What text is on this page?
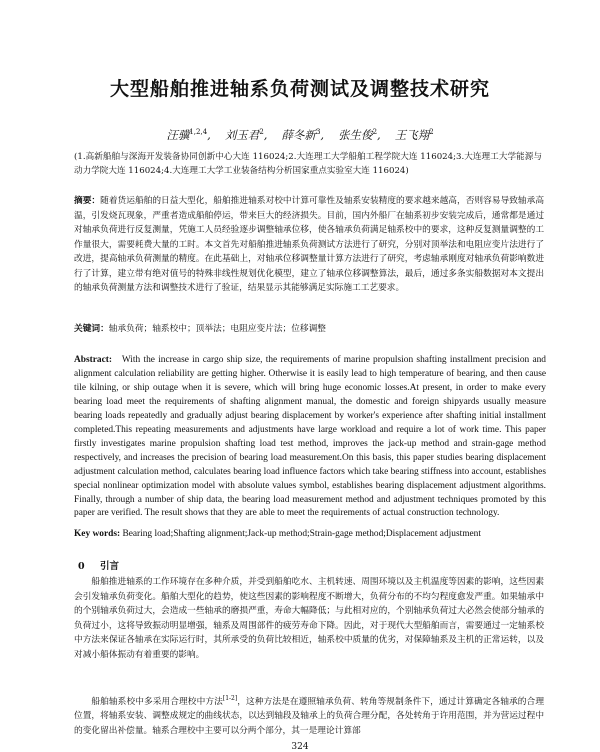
大型船舶推进轴系负荷测试及调整技术研究
汪骥$^{1,2,4}$, 刘玉君$^2$, 薛冬新$^3$, 张生俊$^2$, 王飞翔$^2$
(1.高新船舶与深海开发装备协同创新中心大连 116024;2.大连理工大学船舶工程学院大连 116024;3.大连理工大学能源与动力学院大连 116024;4.大连理工大学工业装备结构分析国家重点实验室大连 116024)
摘要：随着货运船舶的日益大型化，船舶推进轴系对校中计算可靠性及轴系安装精度的要求越来越高，否则容易导致轴承高温，引发烧瓦现象，严重者造成船舶停运，带来巨大的经济损失。目前，国内外船厂在轴系初步安装完成后，通常都是通过对轴承负荷进行反复测量，凭施工人员经验逐步调整轴承位移，使各轴承负荷满足轴系校中的要求，这种反复测量调整的工作量很大，需要耗费大量的工时。本文首先对船舶推进轴系负荷测试方法进行了研究，分别对顶举法和电阻应变片法进行了改进，提高轴承负荷测量的精度。在此基础上，对轴承位移调整量计算方法进行了研究，考虑轴承刚度对轴承负荷影响数进行了计算，建立带有绝对值号的特殊非线性规划优化模型，建立了轴承位移调整算法，最后，通过多条实船数据对本文提出的轴承负荷测量方法和调整技术进行了验证，结果显示其能够满足实际施工工艺要求。
关键词：轴承负荷；轴系校中；顶举法；电阻应变片法；位移调整
Abstract: With the increase in cargo ship size, the requirements of marine propulsion shafting installment precision and alignment calculation reliability are getting higher. Otherwise it is easily lead to high temperature of bearing, and then cause tile kilning, or ship outage when it is severe, which will bring huge economic losses.At present, in order to make every bearing load meet the requirements of shafting alignment manual, the domestic and foreign shipyards usually measure bearing loads repeatedly and gradually adjust bearing displacement by worker's experience after shafting initial installment completed.This repeating measurements and adjustments have large workload and require a lot of work time. This paper firstly investigates marine propulsion shafting load test method, improves the jack-up method and strain-gage method respectively, and increases the precision of bearing load measurement.On this basis, this paper studies bearing displacement adjustment calculation method, calculates bearing load influence factors which take bearing stiffness into account, establishes special nonlinear optimization model with absolute values symbol, establishes bearing displacement adjustment algorithms. Finally, through a number of ship data, the bearing load measurement method and adjustment techniques promoted by this paper are verified. The result shows that they are able to meet the requirements of actual construction technology.
Key words: Bearing load;Shafting alignment;Jack-up method;Strain-gage method;Displacement adjustment
0 引言
船舶推进轴系的工作环境存在多种介质，并受到船舶吃水、主机转速、周围环境以及主机温度等因素的影响，这些因素会引发轴承负荷变化。船舶大型化的趋势，使这些因素的影响程度不断增大，负荷分布的不均匀程度愈发严重。如果轴承中的个别轴承负荷过大，会造成一些轴承的磨损严重，寿命大幅降低；与此相对应的，个别轴承负荷过大必然会使部分轴承的负荷过小，这将导致振动明显增强，轴系及周围部件的疲劳寿命下降。因此，对于现代大型船舶而言，需要通过一定轴系校中方法来保证各轴承在实际运行时，其所承受的负荷比较相近，轴系校中质量的优劣，对保障轴系及主机的正常运转，以及对减小船体振动有着重要的影响。
船舶轴系校中多采用合理校中方法[1-2]，这种方法是在遵照轴承负荷、转角等规制条件下，通过计算确定各轴承的合理位置，将轴系安装、调整成规定的曲线状态，以达到轴段及轴承上的负荷合理分配，各处转角于许用范围，并为营运过程中的变化留出补偿量。轴系合理校中主要可以分两个部分，其一是理论计算部
324
